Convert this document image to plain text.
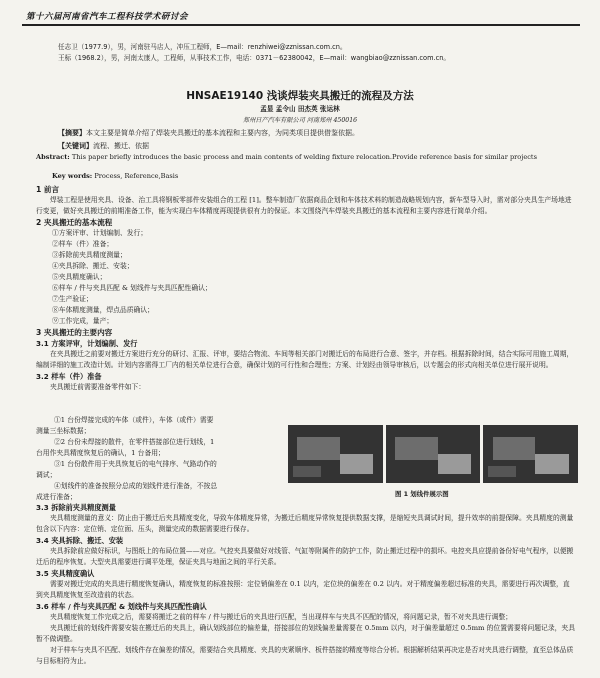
第十六届河南省汽车工程科技学术研讨会
任志卫（1977.9），男，河南驻马店人，冲压工程师，E—mail：renzhiwei@zznissan.com.cn。
王标（1968.2），男，河南太康人，工程师，从事技术工作，电话：0371－62380042，E—mail：wangbiao@zznissan.com.cn。
HNSAE19140 浅谈焊装夹具搬迁的流程及方法
孟显 孟令山 田杰英 张运林
郑州日产汽车有限公司 河南郑州 450016
【摘要】本文主要是简单介绍了焊装夹具搬迁的基本流程和主要内容，为同类项目提供借鉴依据。
【关键词】流程、搬迁、依据
Abstract: This paper briefly introduces the basic process and main contents of welding fixture relocation.Provide reference basis for similar projects
Key words: Process, Reference,Basis
1 前言
焊装工程是使用夹具、设备、治工具将钢板零部件安装组合的工程 [1]。整车制造厂依据商品企划和车体技术料的制造战略规划内容，新车型导入时，需对部分夹具生产场地进行变更，做好夹具搬迁的前期准备工作，能为实现白车体精度再现提供很有力的保证。本文围绕汽车焊装夹具搬迁的基本流程和主要内容进行简单介绍。
2 夹具搬迁的基本流程
①方案评审、计划编制、发行；
②样车（件）准备；
③拆除前夹具精度测量；
④夹具拆除、搬迁、安装；
⑤夹具精度确认；
⑥样车 / 件与夹具匹配 & 划线件与夹具匹配性确认；
⑦生产验证；
⑧车体精度测量，焊点品质确认；
⑨工作完成，量产；
3 夹具搬迁的主要内容
3.1 方案评审，计划编制、发行
在夹具搬迁之前要对搬迁方案进行充分的研讨、汇报、评审，要结合物流、车间等相关部门对搬迁后的布局进行合意、签字，并存档。根据拆除时间，结合实际可用施工周期，编制详细的施工改造计划。计划内容需得工厂内的相关单位进行合意，确保计划的可行性和合理性；方案、计划经由领导审核后，以专题会的形式向相关单位进行展开说明。
3.2 样车（件）准备
夹具搬迁前需要准备零件如下：
①1 台份焊接完成的车体（或件），车体（或件）需要
测量三坐标数据；
②2 台份未焊接的散件，在零件搭接部位进行划线，1
台用作夹具精度恢复后的确认，1 台备用；
③1 台份散件用于夹具恢复后的电气排序、气路动作的
调试；
④划线件的准备按照分总成的划线件进行准备，不按总
成进行准备；	图 1 划线件展示图
3.3 拆除前夹具精度测量
夹具精度测量的意义：防止由于搬迁后夹具精度变化，导致车体精度异常，为搬迁后精度异常恢复提供数据支撑，是缩短夹具调试时间，提升效率的前提保障。夹具精度的测量包含以下内容：定位销、定位面、压头，测量完成的数据需要进行保存。
3.4 夹具拆除、搬迁、安装
夹具拆除前应做好标识，与图纸上的布局位置——对应。气控夹具要做好对线管、气缸等附属件的防护工作，防止搬迁过程中的损坏。电控夹具应提前备份好电气程序，以便搬迁后的程序恢复。大型夹具需要进行调平处理，保证夹具与地面之间的平行关系。
3.5 夹具精度确认
需要对搬迁完成的夹具进行精度恢复确认，精度恢复的标准按照：定位销偏差在 0.1 以内，定位块的偏差在 0.2 以内。对于精度偏差超过标准的夹具，需要进行再次调整，直到夹具精度恢复至改造前的状态。
3.6 样车 / 件与夹具匹配 & 划线件与夹具匹配性确认
夹具精度恢复工作完成之后，需要将搬迁之前的样车 / 件与搬迁后的夹具进行匹配，当出现样车与夹具不匹配的情况，将问题记录，暂不对夹具进行调整；
夹具搬迁前的划线件需要安装在搬迁后的夹具上，确认划线部位的偏差量，搭接部位的划线偏差量需要在 0.5mm 以内，对于偏差量超过 0.5mm 的位置需要将问题记录，夹具暂不做调整。
对于样车与夹具不匹配、划线件存在偏差的情况，需要结合夹具精度、夹具的夹紧顺序、板件搭接的精度等综合分析。根据解析结果再决定是否对夹具进行调整，直至总体品质与目标相符为止。
